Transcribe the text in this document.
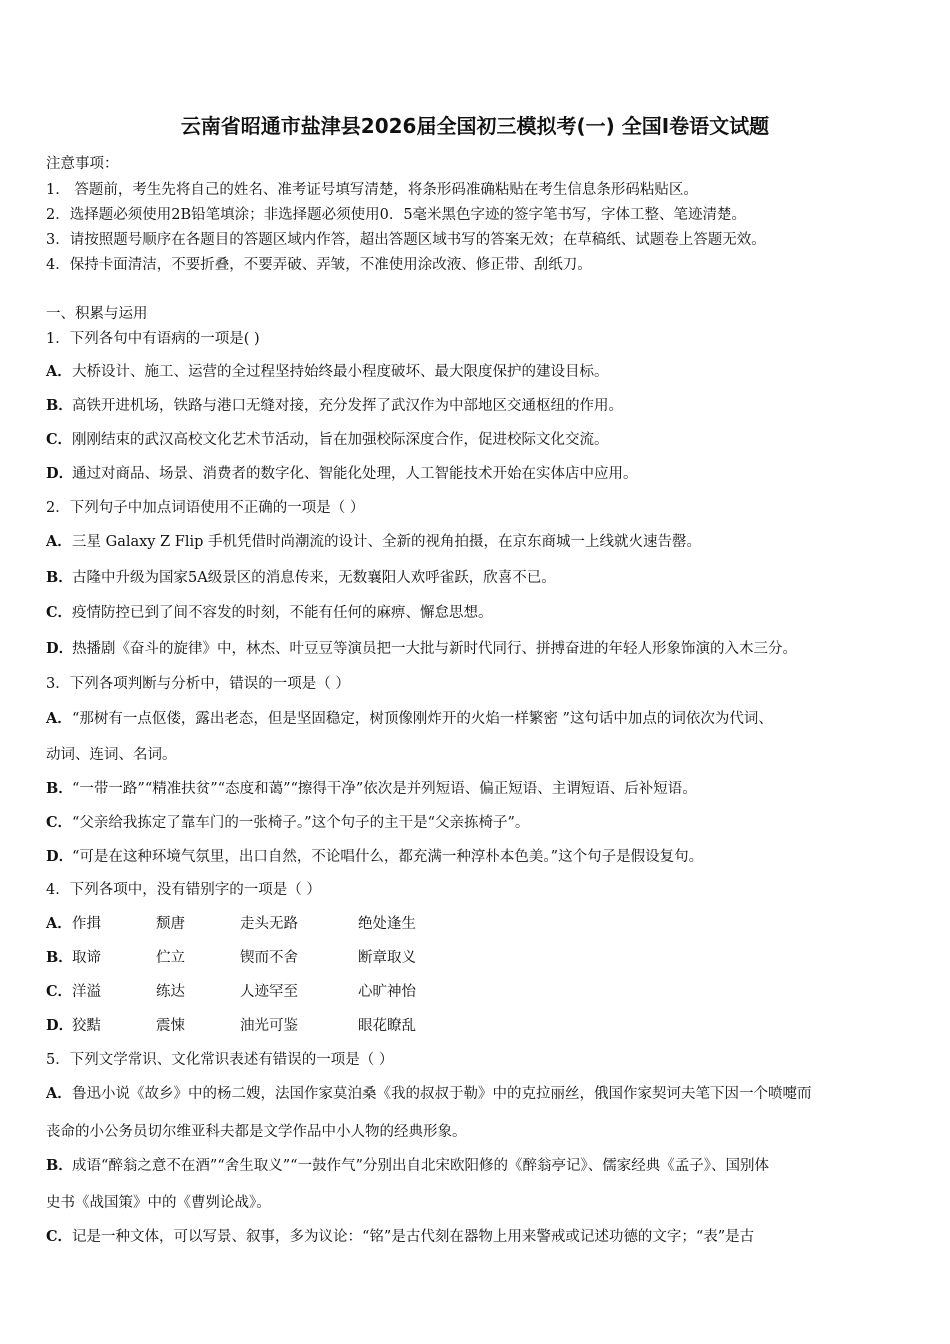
云南省昭通市盐津县2026届全国初三模拟考(一) 全国I卷语文试题
注意事项：
1． 答题前，考生先将自己的姓名、准考证号填写清楚，将条形码准确粘贴在考生信息条形码粘贴区。
2．选择题必须使用2B铅笔填涂；非选择题必须使用0．5毫米黑色字迹的签字笔书写，字体工整、笔迹清楚。
3．请按照题号顺序在各题目的答题区域内作答，超出答题区域书写的答案无效；在草稿纸、试题卷上答题无效。
4．保持卡面清洁，不要折叠，不要弄破、弄皱，不准使用涂改液、修正带、刮纸刀。
一、积累与运用
1．下列各句中有语病的一项是( )
A．大桥设计、施工、运营的全过程坚持始终最小程度破坏、最大限度保护的建设目标。
B．高铁开进机场，铁路与港口无缝对接，充分发挥了武汉作为中部地区交通枢纽的作用。
C．刚刚结束的武汉高校文化艺术节活动，旨在加强校际深度合作，促进校际文化交流。
D．通过对商品、场景、消费者的数字化、智能化处理，人工智能技术开始在实体店中应用。
2．下列句子中加点词语使用不正确的一项是（ ）
A．三星 Galaxy Z Flip 手机凭借时尚潮流的设计、全新的视角拍摄，在京东商城一上线就火速告罄。
B．古隆中升级为国家5A级景区的消息传来，无数襄阳人欢呼雀跃，欣喜不已。
C．疫情防控已到了间不容发的时刻，不能有任何的麻痹、懈怠思想。
D．热播剧《奋斗的旋律》中，林杰、叶豆豆等演员把一大批与新时代同行、拼搏奋进的年轻人形象饰演的入木三分。
3．下列各项判断与分析中，错误的一项是（ ）
A．“那树有一点伛偻，露出老态，但是坚固稳定，树顶像刚炸开的火焰一样繁密 ”这句话中加点的词依次为代词、
动词、连词、名词。
B．“一带一路”“精准扶贫”“态度和蔼”“擦得干净”依次是并列短语、偏正短语、主谓短语、后补短语。
C．“父亲给我拣定了靠车门的一张椅子。”这个句子的主干是“父亲拣椅子”。
D．“可是在这种环境气氛里，出口自然，不论唱什么，都充满一种淳朴本色美。”这个句子是假设复句。
4．下列各项中，没有错别字的一项是（ ）
A．作揖	颓唐	走头无路	绝处逢生
B．取谛	伫立	锲而不舍	断章取义
C．洋溢	练达	人迹罕至	心旷神怡
D．狡黠	震悚	油光可鉴	眼花瞭乱
5．下列文学常识、文化常识表述有错误的一项是（ ）
A．鲁迅小说《故乡》中的杨二嫂，法国作家莫泊桑《我的叔叔于勒》中的克拉丽丝，俄国作家契诃夫笔下因一个喷嚏而
丧命的小公务员切尔维亚科夫都是文学作品中小人物的经典形象。
B．成语“醉翁之意不在酒”“舍生取义”“一鼓作气”分别出自北宋欧阳修的《醉翁亭记》、儒家经典《孟子》、国别体
史书《战国策》中的《曹刿论战》。
C．记是一种文体，可以写景、叙事，多为议论：“铭”是古代刻在器物上用来警戒或记述功德的文字；“表”是古
